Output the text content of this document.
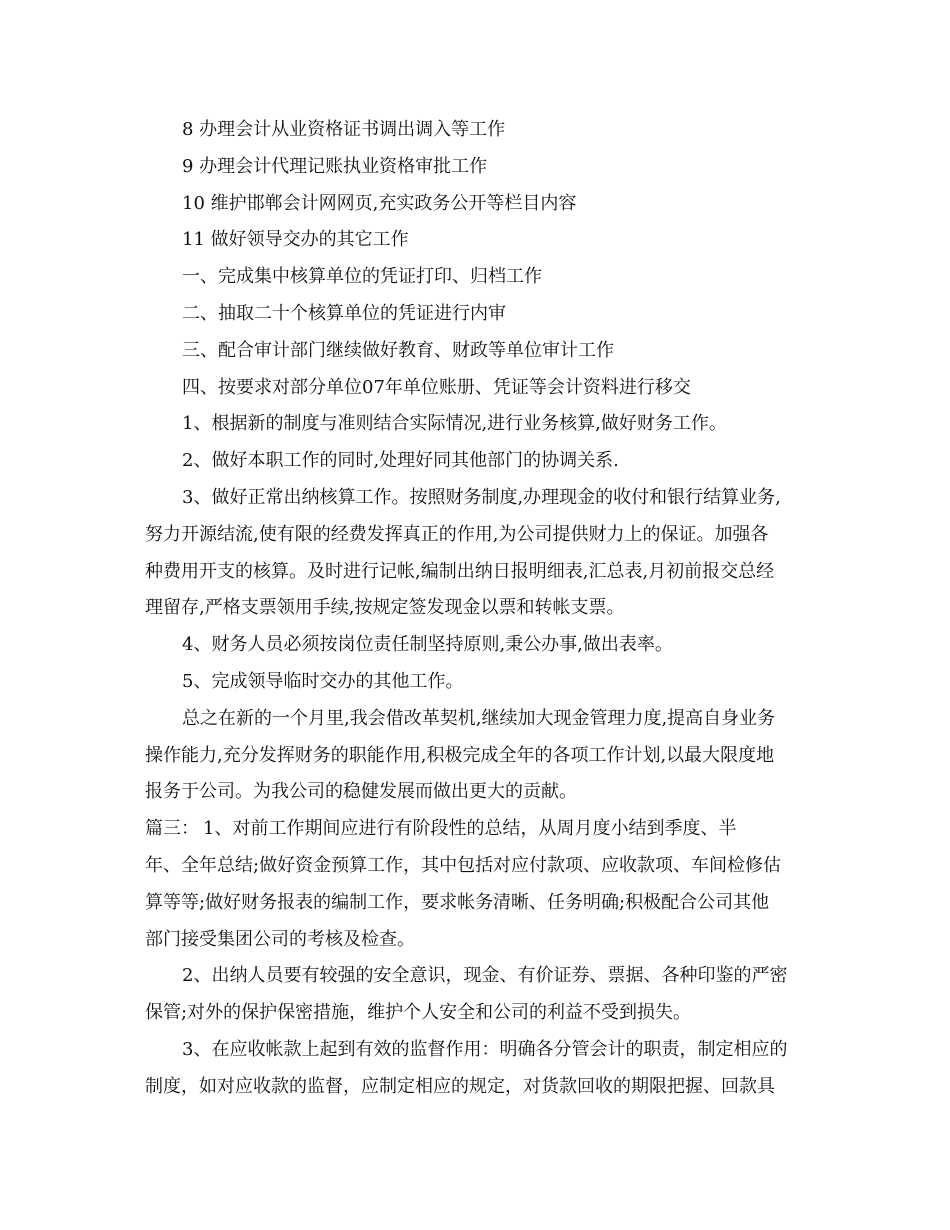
8 办理会计从业资格证书调出调入等工作

9 办理会计代理记账执业资格审批工作

10 维护邯郸会计网网页,充实政务公开等栏目内容

11 做好领导交办的其它工作

一、完成集中核算单位的凭证打印、归档工作

二、抽取二十个核算单位的凭证进行内审

三、配合审计部门继续做好教育、财政等单位审计工作

四、按要求对部分单位07年单位账册、凭证等会计资料进行移交

1、根据新的制度与准则结合实际情况,进行业务核算,做好财务工作。

2、做好本职工作的同时,处理好同其他部门的协调关系.

3、做好正常出纳核算工作。按照财务制度,办理现金的收付和银行结算业务,

努力开源结流,使有限的经费发挥真正的作用,为公司提供财力上的保证。加强各

种费用开支的核算。及时进行记帐,编制出纳日报明细表,汇总表,月初前报交总经

理留存,严格支票领用手续,按规定签发现金以票和转帐支票。

4、财务人员必须按岗位责任制坚持原则,秉公办事,做出表率。

5、完成领导临时交办的其他工作。

总之在新的一个月里,我会借改革契机,继续加大现金管理力度,提高自身业务

操作能力,充分发挥财务的职能作用,积极完成全年的各项工作计划,以最大限度地

报务于公司。为我公司的稳健发展而做出更大的贡献。

篇三： 1、对前工作期间应进行有阶段性的总结，从周月度小结到季度、半

年、全年总结;做好资金预算工作，其中包括对应付款项、应收款项、车间检修估

算等等;做好财务报表的编制工作，要求帐务清晰、任务明确;积极配合公司其他

部门接受集团公司的考核及检查。

2、出纳人员要有较强的安全意识，现金、有价证券、票据、各种印鉴的严密

保管;对外的保护保密措施，维护个人安全和公司的利益不受到损失。

3、在应收帐款上起到有效的监督作用：明确各分管会计的职责，制定相应的

制度，如对应收款的监督，应制定相应的规定，对货款回收的期限把握、回款具
